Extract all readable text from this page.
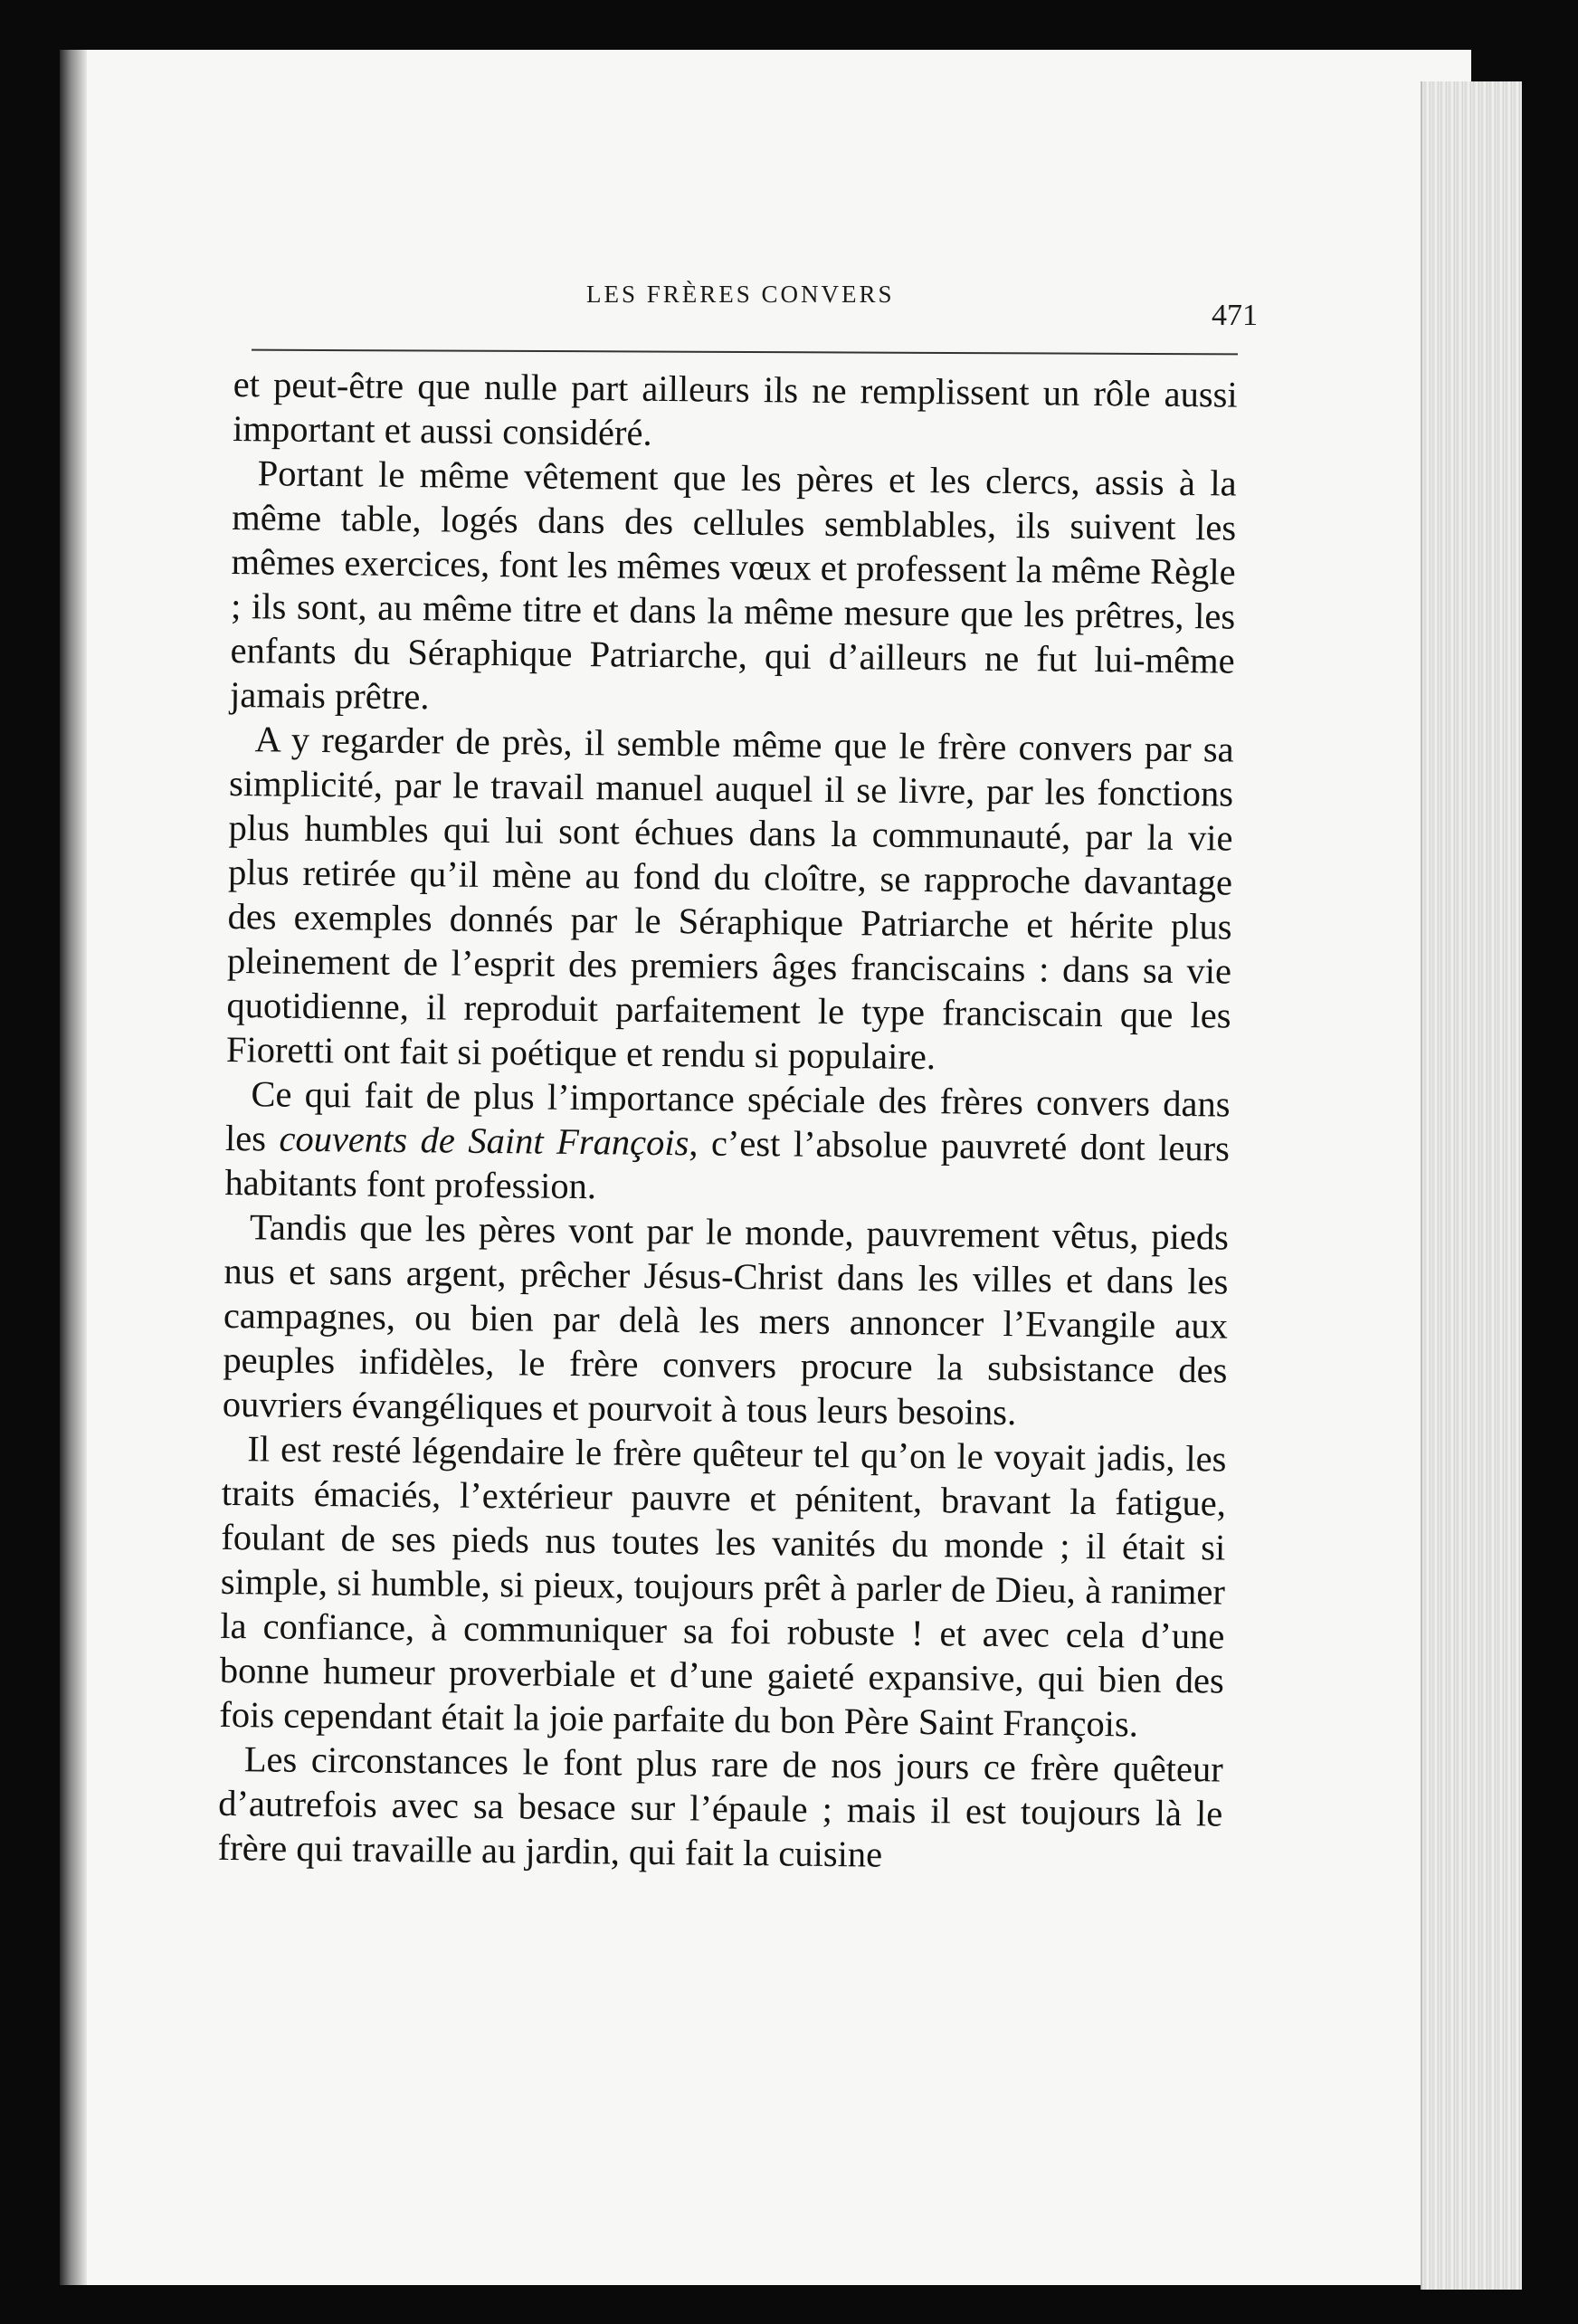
LES FRÈRES CONVERS
471

et peut-être que nulle part ailleurs ils ne remplissent un rôle aussi important et aussi considéré.

Portant le même vêtement que les pères et les clercs, assis à la même table, logés dans des cellules semblables, ils suivent les mêmes exercices, font les mêmes vœux et professent la même Règle ; ils sont, au même titre et dans la même mesure que les prêtres, les enfants du Séraphique Patriarche, qui d’ailleurs ne fut lui-même jamais prêtre.

A y regarder de près, il semble même que le frère convers par sa simplicité, par le travail manuel auquel il se livre, par les fonctions plus humbles qui lui sont échues dans la communauté, par la vie plus retirée qu’il mène au fond du cloître, se rapproche davantage des exemples donnés par le Séraphique Patriarche et hérite plus pleinement de l’esprit des premiers âges franciscains : dans sa vie quotidienne, il reproduit parfaitement le type franciscain que les Fioretti ont fait si poétique et rendu si populaire.

Ce qui fait de plus l’importance spéciale des frères convers dans les couvents de Saint François, c’est l’absolue pauvreté dont leurs habitants font profession.

Tandis que les pères vont par le monde, pauvrement vêtus, pieds nus et sans argent, prêcher Jésus-Christ dans les villes et dans les campagnes, ou bien par delà les mers annoncer l’Evangile aux peuples infidèles, le frère convers procure la subsistance des ouvriers évangéliques et pourvoit à tous leurs besoins.

Il est resté légendaire le frère quêteur tel qu’on le voyait jadis, les traits émaciés, l’extérieur pauvre et pénitent, bravant la fatigue, foulant de ses pieds nus toutes les vanités du monde ; il était si simple, si humble, si pieux, toujours prêt à parler de Dieu, à ranimer la confiance, à communiquer sa foi robuste ! et avec cela d’une bonne humeur proverbiale et d’une gaieté expansive, qui bien des fois cependant était la joie parfaite du bon Père Saint François.

Les circonstances le font plus rare de nos jours ce frère quêteur d’autrefois avec sa besace sur l’épaule ; mais il est toujours là le frère qui travaille au jardin, qui fait la cuisine
